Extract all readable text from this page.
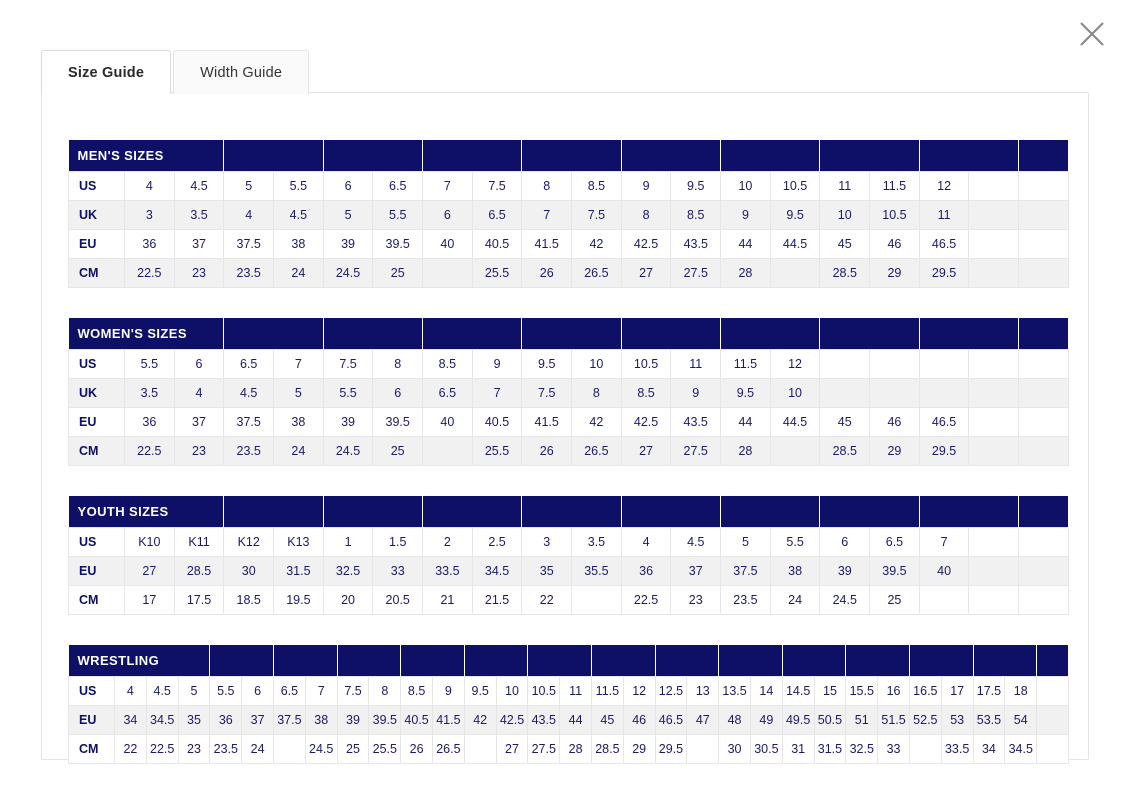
Size Guide	Width Guide
MEN'S SIZES																			
US	4	4.5	5	5.5	6	6.5	7	7.5	8	8.5	9	9.5	10	10.5	11	11.5	12		
UK	3	3.5	4	4.5	5	5.5	6	6.5	7	7.5	8	8.5	9	9.5	10	10.5	11		
EU	36	37	37.5	38	39	39.5	40	40.5	41.5	42	42.5	43.5	44	44.5	45	46	46.5		
CM	22.5	23	23.5	24	24.5	25		25.5	26	26.5	27	27.5	28		28.5	29	29.5		
WOMEN'S SIZES																			
US	5.5	6	6.5	7	7.5	8	8.5	9	9.5	10	10.5	11	11.5	12					
UK	3.5	4	4.5	5	5.5	6	6.5	7	7.5	8	8.5	9	9.5	10					
EU	36	37	37.5	38	39	39.5	40	40.5	41.5	42	42.5	43.5	44	44.5	45	46	46.5		
CM	22.5	23	23.5	24	24.5	25		25.5	26	26.5	27	27.5	28		28.5	29	29.5		
YOUTH SIZES																			
US	K10	K11	K12	K13	1	1.5	2	2.5	3	3.5	4	4.5	5	5.5	6	6.5	7		
EU	27	28.5	30	31.5	32.5	33	33.5	34.5	35	35.5	36	37	37.5	38	39	39.5	40		
CM	17	17.5	18.5	19.5	20	20.5	21	21.5	22		22.5	23	23.5	24	24.5	25			
WRESTLING																														
US	4	4.5	5	5.5	6	6.5	7	7.5	8	8.5	9	9.5	10	10.5	11	11.5	12	12.5	13	13.5	14	14.5	15	15.5	16	16.5	17	17.5	18	
EU	34	34.5	35	36	37	37.5	38	39	39.5	40.5	41.5	42	42.5	43.5	44	45	46	46.5	47	48	49	49.5	50.5	51	51.5	52.5	53	53.5	54	
CM	22	22.5	23	23.5	24		24.5	25	25.5	26	26.5		27	27.5	28	28.5	29	29.5		30	30.5	31	31.5	32.5	33		33.5	34	34.5	
